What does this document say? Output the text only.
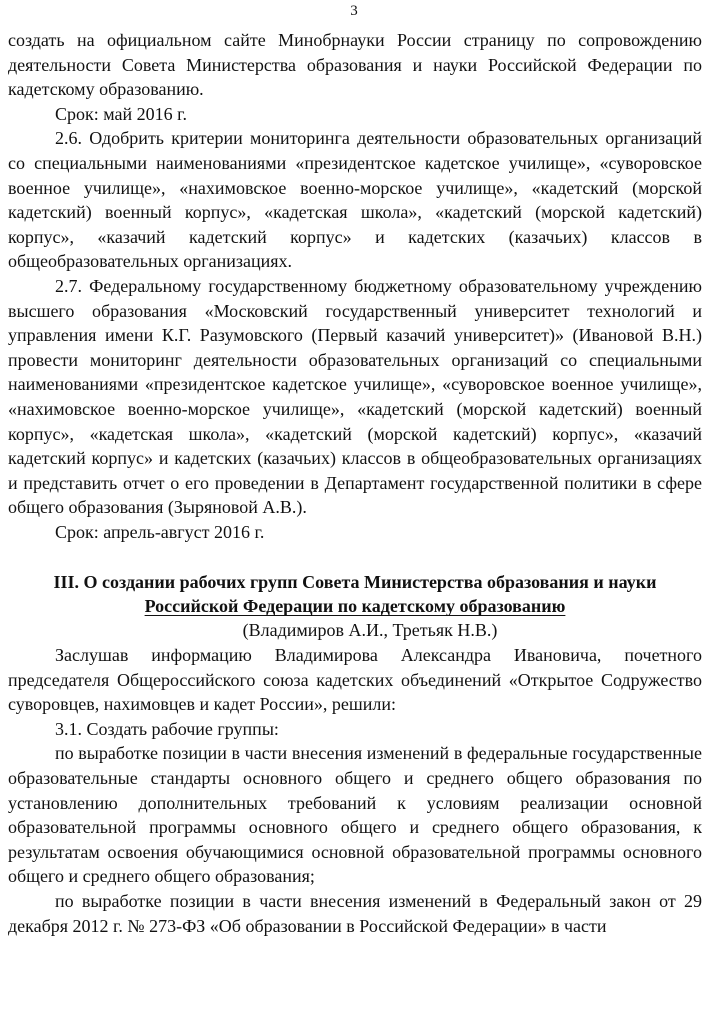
3

создать на официальном сайте Минобрнауки России страницу по сопровождению деятельности Совета Министерства образования и науки Российской Федерации по кадетскому образованию.

Срок: май 2016 г.

2.6. Одобрить критерии мониторинга деятельности образовательных организаций со специальными наименованиями «президентское кадетское училище», «суворовское военное училище», «нахимовское военно-морское училище», «кадетский (морской кадетский) военный корпус», «кадетская школа», «кадетский (морской кадетский) корпус», «казачий кадетский корпус» и кадетских (казачьих) классов в общеобразовательных организациях.

2.7. Федеральному государственному бюджетному образовательному учреждению высшего образования «Московский государственный университет технологий и управления имени К.Г. Разумовского (Первый казачий университет)» (Ивановой В.Н.) провести мониторинг деятельности образовательных организаций со специальными наименованиями «президентское кадетское училище», «суворовское военное училище», «нахимовское военно-морское училище», «кадетский (морской кадетский) военный корпус», «кадетская школа», «кадетский (морской кадетский) корпус», «казачий кадетский корпус» и кадетских (казачьих) классов в общеобразовательных организациях и представить отчет о его проведении в Департамент государственной политики в сфере общего образования (Зыряновой А.В.).

Срок: апрель-август 2016 г.

III. О создании рабочих групп Совета Министерства образования и науки
Российской Федерации по кадетскому образованию

(Владимиров А.И., Третьяк Н.В.)

Заслушав информацию Владимирова Александра Ивановича, почетного председателя Общероссийского союза кадетских объединений «Открытое Содружество суворовцев, нахимовцев и кадет России», решили:

3.1. Создать рабочие группы:

по выработке позиции в части внесения изменений в федеральные государственные образовательные стандарты основного общего и среднего общего образования по установлению дополнительных требований к условиям реализации основной образовательной программы основного общего и среднего общего образования, к результатам освоения обучающимися основной образовательной программы основного общего и среднего общего образования;

по выработке позиции в части внесения изменений в Федеральный закон от 29 декабря 2012 г. № 273-ФЗ «Об образовании в Российской Федерации» в части
